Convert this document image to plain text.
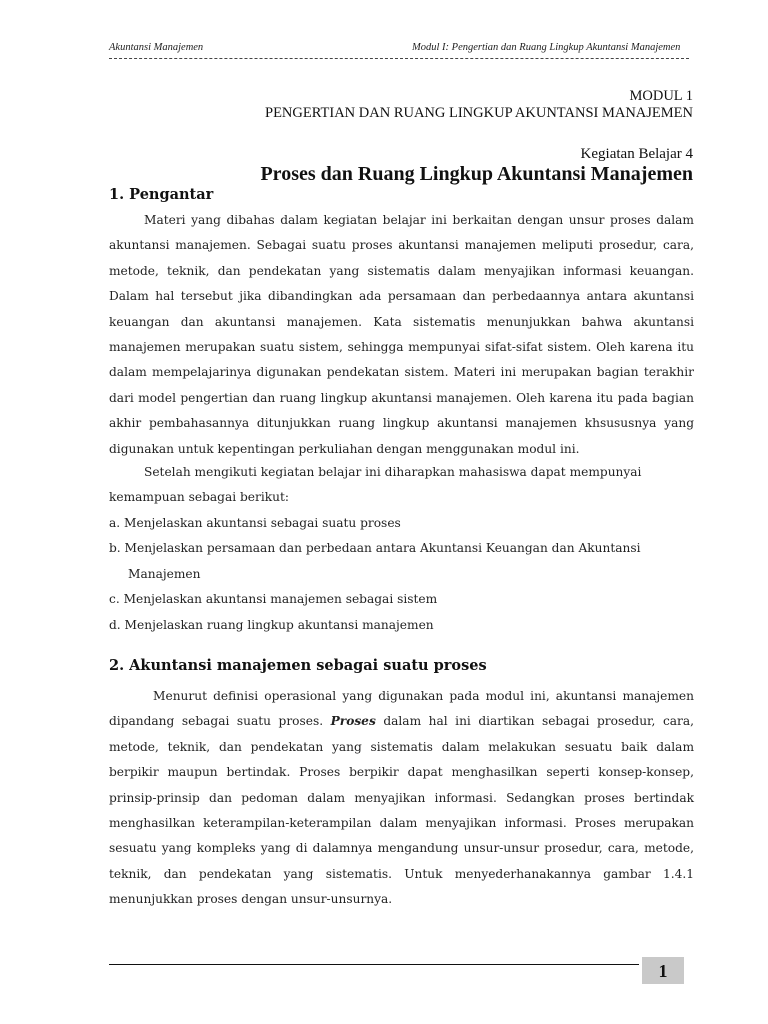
Akuntansi Manajemen	Modul I: Pengertian dan Ruang Lingkup Akuntansi Manajemen
MODUL 1
PENGERTIAN DAN RUANG LINGKUP AKUNTANSI MANAJEMEN
Kegiatan Belajar 4
Proses dan Ruang Lingkup Akuntansi Manajemen
1. Pengantar

Materi yang dibahas dalam kegiatan belajar ini berkaitan dengan unsur proses dalam akuntansi manajemen. Sebagai suatu proses akuntansi manajemen meliputi prosedur, cara, metode, teknik, dan pendekatan yang sistematis dalam menyajikan informasi keuangan. Dalam hal tersebut jika dibandingkan ada persamaan dan perbedaannya antara akuntansi keuangan dan akuntansi manajemen. Kata sistematis menunjukkan bahwa akuntansi manajemen merupakan suatu sistem, sehingga mempunyai sifat-sifat sistem. Oleh karena itu dalam mempelajarinya digunakan pendekatan sistem. Materi ini merupakan bagian terakhir dari model pengertian dan ruang lingkup akuntansi manajemen. Oleh karena itu pada bagian akhir pembahasannya ditunjukkan ruang lingkup akuntansi manajemen khsususnya yang digunakan untuk kepentingan perkuliahan dengan menggunakan modul ini.

Setelah mengikuti kegiatan belajar ini diharapkan mahasiswa dapat mempunyai
kemampuan sebagai berikut:
a. Menjelaskan akuntansi sebagai suatu proses
b. Menjelaskan persamaan dan perbedaan antara Akuntansi Keuangan dan Akuntansi
Manajemen
c. Menjelaskan akuntansi manajemen sebagai sistem
d. Menjelaskan ruang lingkup akuntansi manajemen
2. Akuntansi manajemen sebagai suatu proses

Menurut definisi operasional yang digunakan pada modul ini, akuntansi manajemen dipandang sebagai suatu proses. Proses dalam hal ini diartikan sebagai prosedur, cara, metode, teknik, dan pendekatan yang sistematis dalam melakukan sesuatu baik dalam berpikir maupun bertindak. Proses berpikir dapat menghasilkan seperti konsep-konsep, prinsip-prinsip dan pedoman dalam menyajikan informasi. Sedangkan proses bertindak menghasilkan keterampilan-keterampilan dalam menyajikan informasi. Proses merupakan sesuatu yang kompleks yang di dalamnya mengandung unsur-unsur prosedur, cara, metode, teknik, dan pendekatan yang sistematis. Untuk menyederhanakannya gambar 1.4.1 menunjukkan proses dengan unsur-unsurnya.

1
